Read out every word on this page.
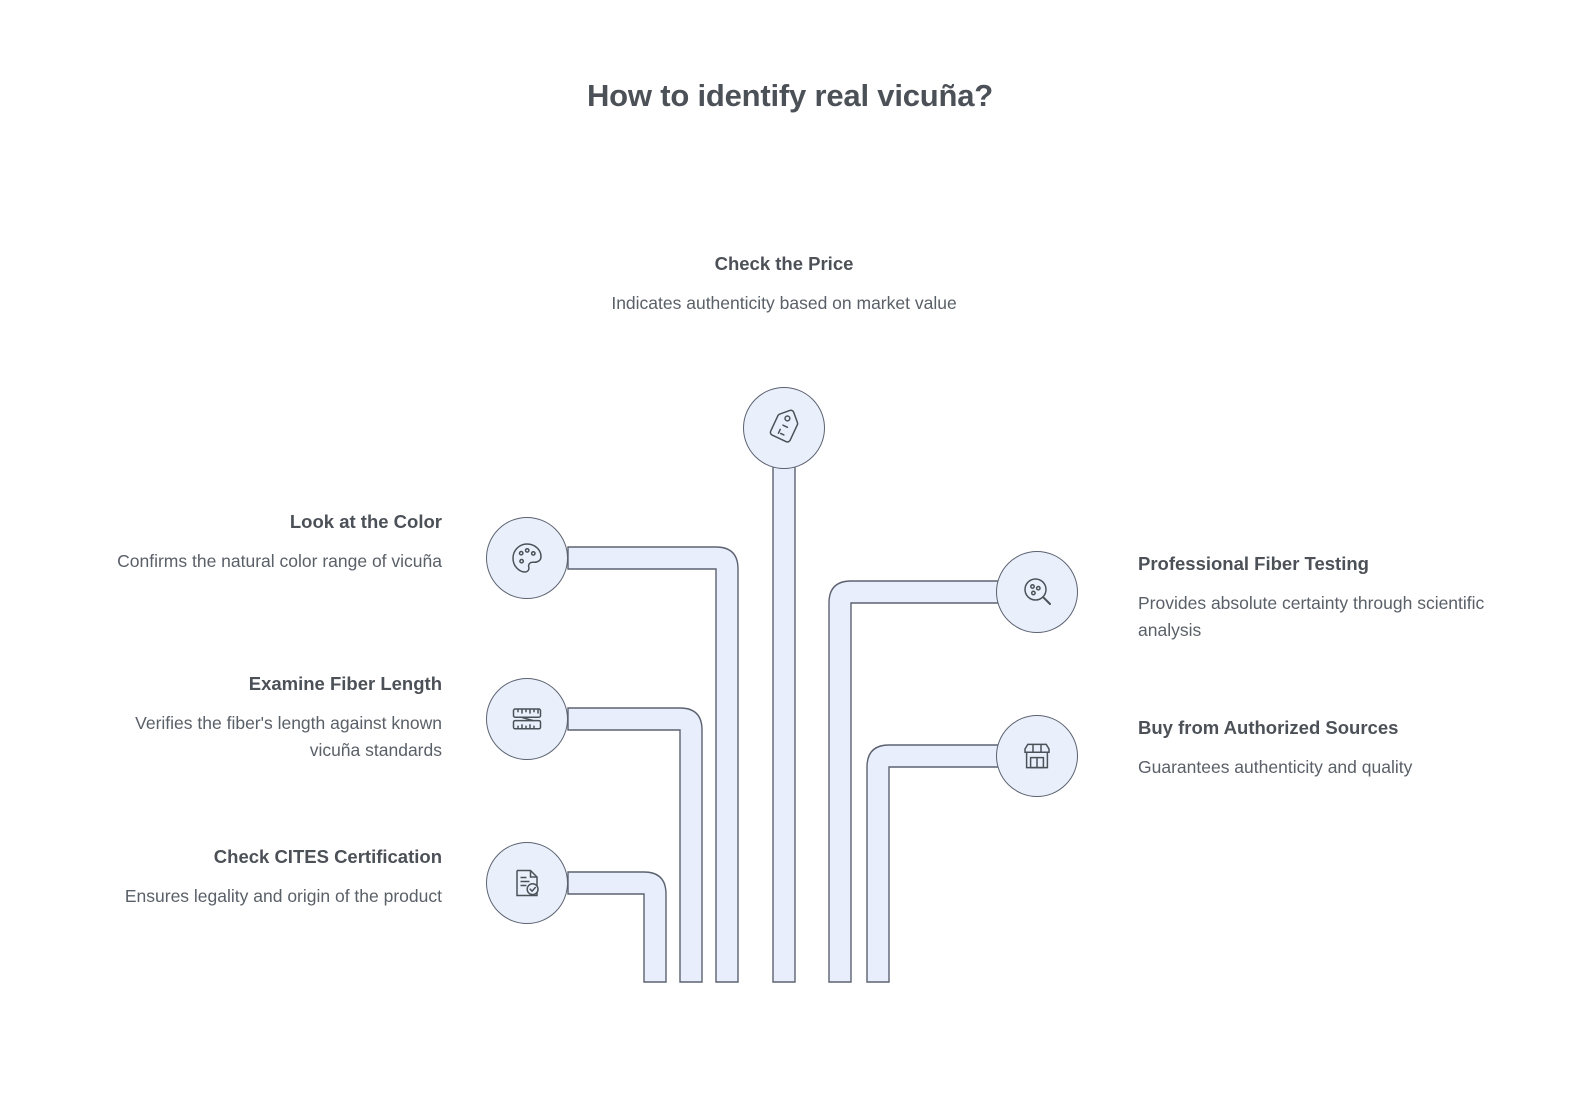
How to identify real vicuña?
Check the Price
Indicates authenticity based on market value
Look at the Color
Confirms the natural color range of vicuña
Examine Fiber Length
Verifies the fiber's length against known vicuña standards
Check CITES Certification
Ensures legality and origin of the product
Professional Fiber Testing
Provides absolute certainty through scientific analysis
Buy from Authorized Sources
Guarantees authenticity and quality
